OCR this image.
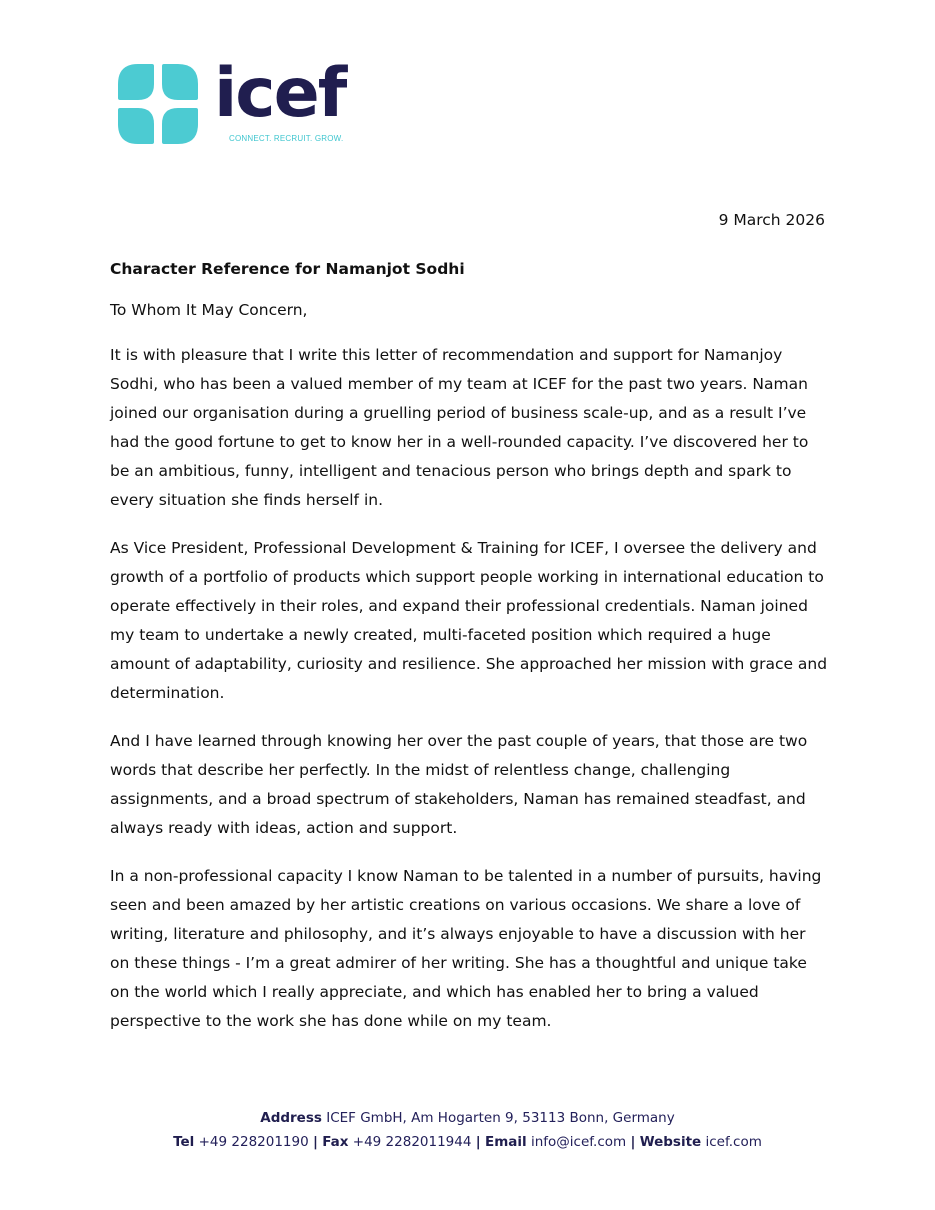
icef
CONNECT. RECRUIT. GROW.
9 March 2026

Character Reference for Namanjot Sodhi

To Whom It May Concern,

It is with pleasure that I write this letter of recommendation and support for Namanjoy Sodhi, who has been a valued member of my team at ICEF for the past two years. Naman joined our organisation during a gruelling period of business scale-up, and as a result I’ve had the good fortune to get to know her in a well-rounded capacity. I’ve discovered her to be an ambitious, funny, intelligent and tenacious person who brings depth and spark to every situation she finds herself in.

As Vice President, Professional Development & Training for ICEF, I oversee the delivery and growth of a portfolio of products which support people working in international education to operate effectively in their roles, and expand their professional credentials. Naman joined my team to undertake a newly created, multi-faceted position which required a huge amount of adaptability, curiosity and resilience. She approached her mission with grace and determination.

And I have learned through knowing her over the past couple of years, that those are two words that describe her perfectly. In the midst of relentless change, challenging assignments, and a broad spectrum of stakeholders, Naman has remained steadfast, and always ready with ideas, action and support.

In a non-professional capacity I know Naman to be talented in a number of pursuits, having seen and been amazed by her artistic creations on various occasions. We share a love of writing, literature and philosophy, and it’s always enjoyable to have a discussion with her on these things - I’m a great admirer of her writing. She has a thoughtful and unique take on the world which I really appreciate, and which has enabled her to bring a valued perspective to the work she has done while on my team.

Address ICEF GmbH, Am Hogarten 9, 53113 Bonn, Germany
Tel +49 228201190 | Fax +49 2282011944 | Email info@icef.com | Website icef.com
